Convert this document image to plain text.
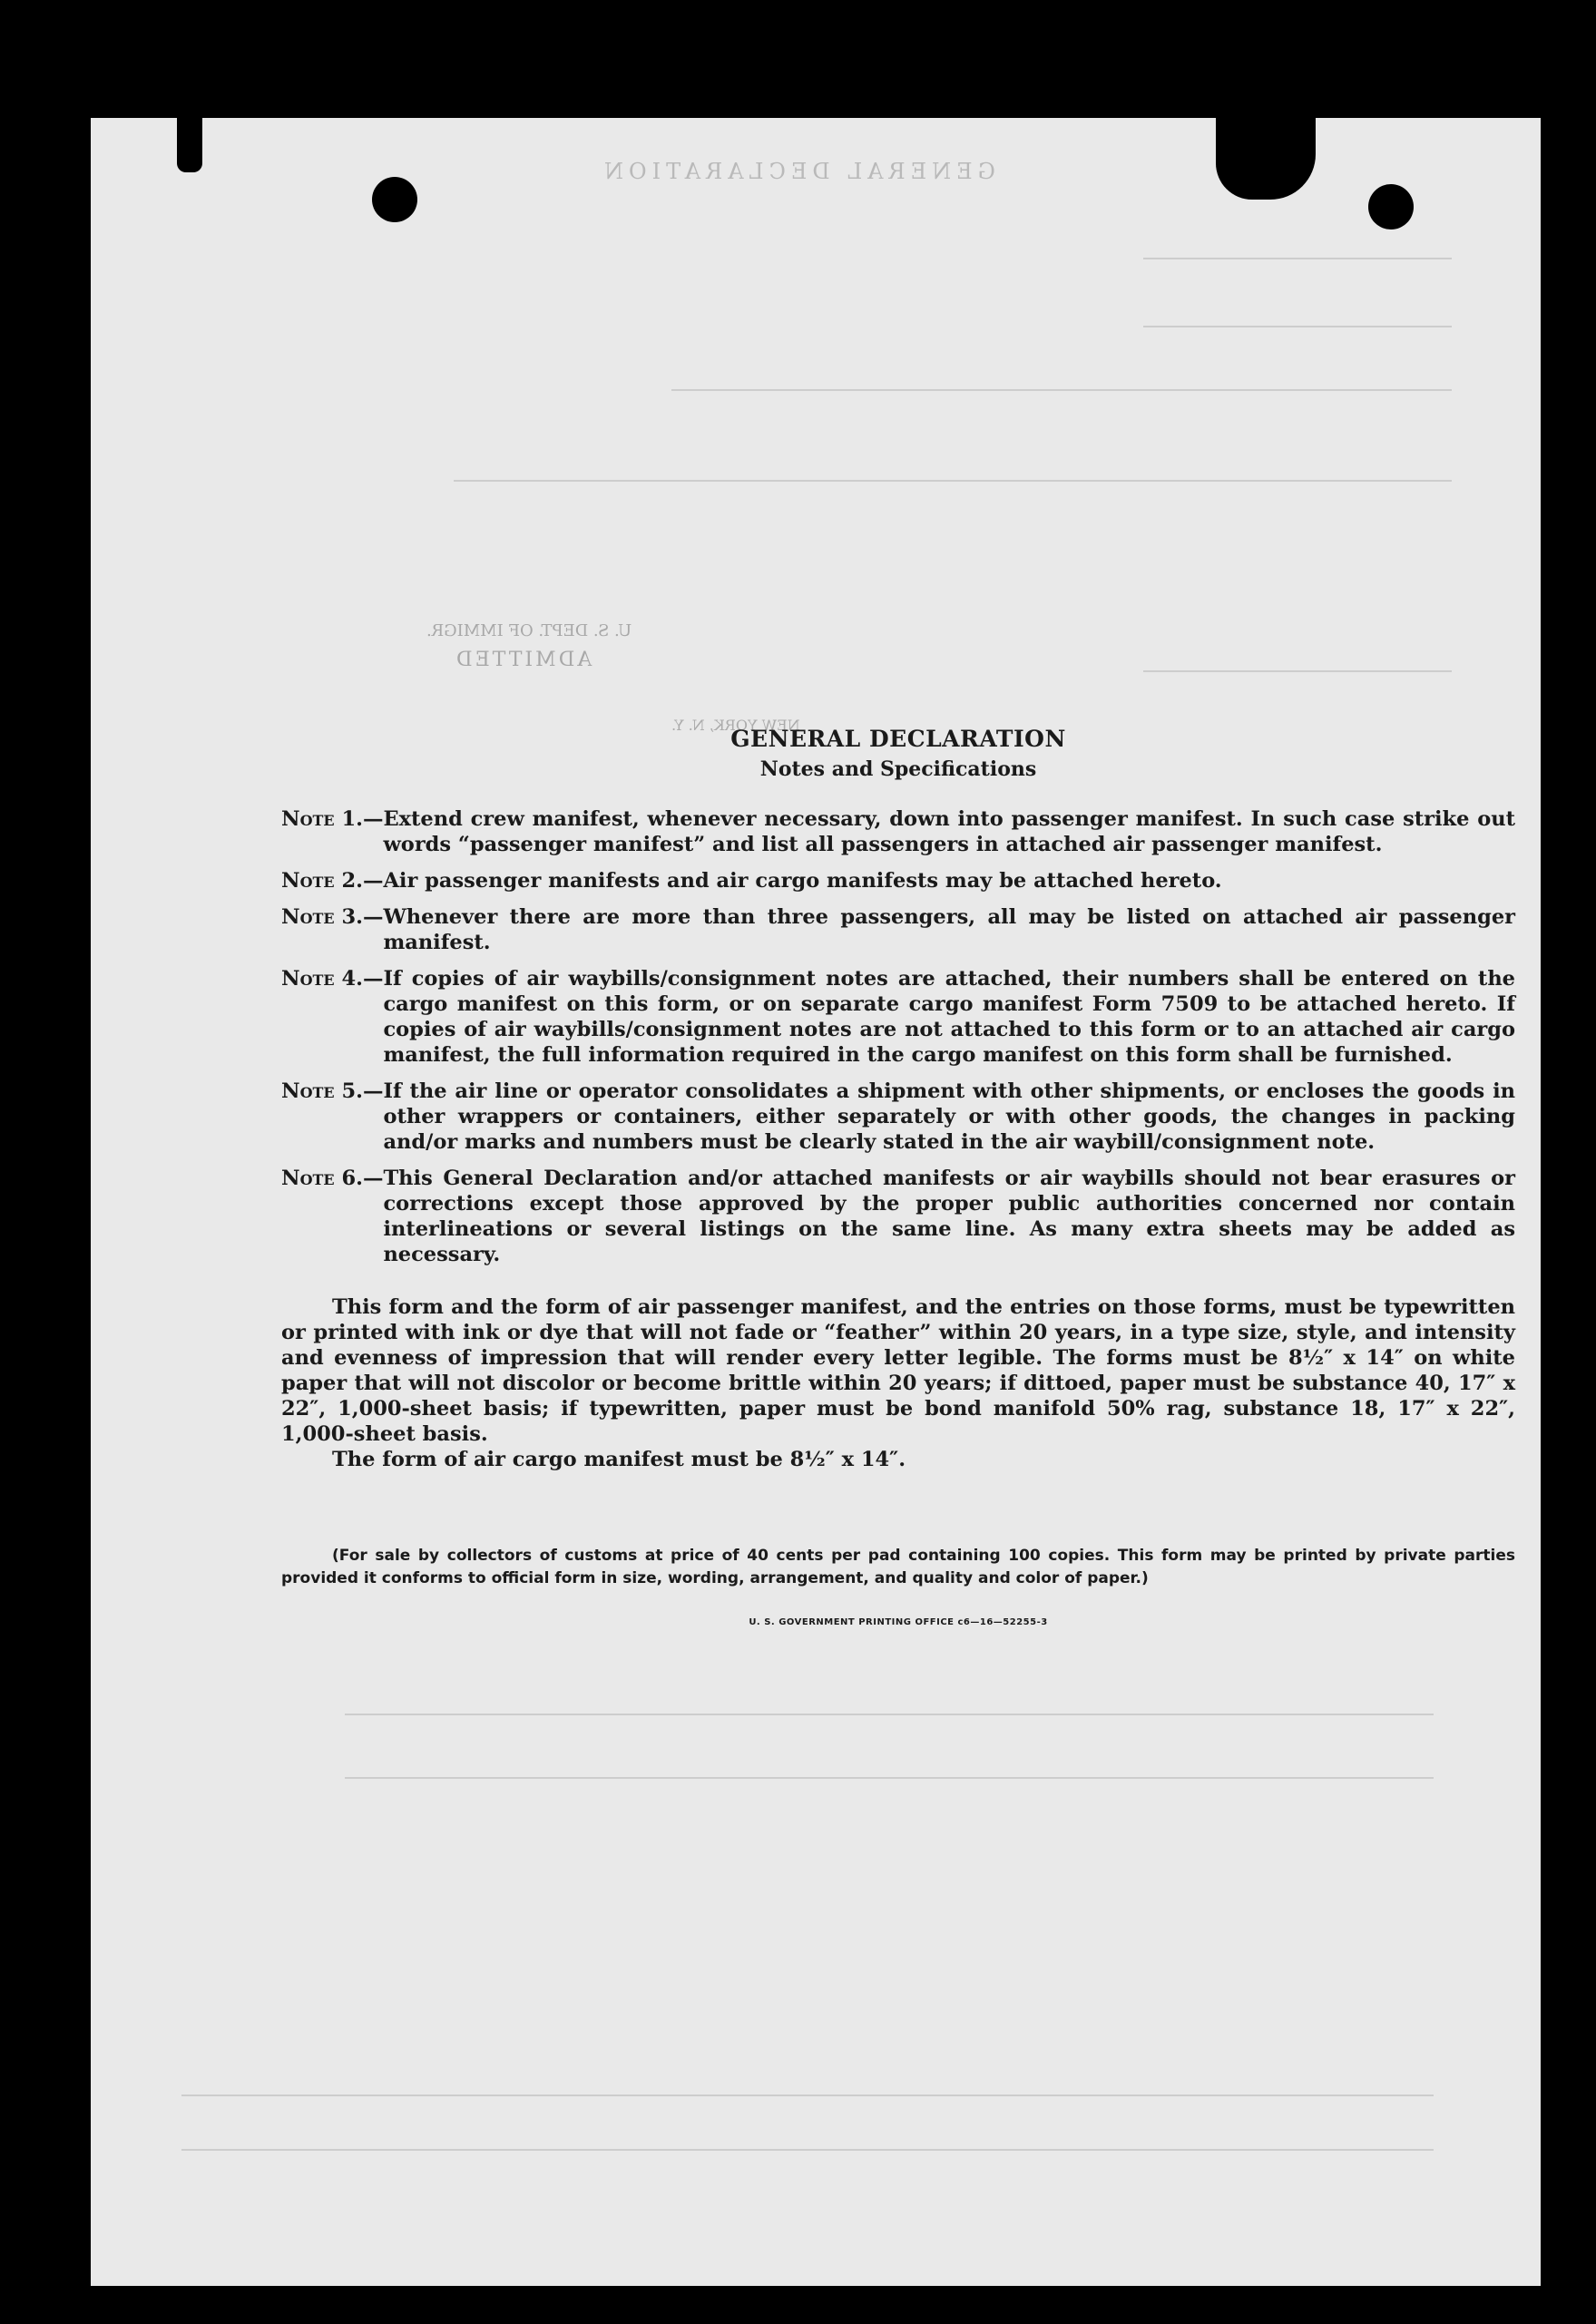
GENERAL DECLARATION
U. S. DEPT. OF IMMIGR.
ADMITTED
NEW YORK, N. Y.
GENERAL DECLARATION
Notes and Specifications
Note 1. — Extend crew manifest, whenever necessary, down into passenger manifest. In such case strike out words “passenger manifest” and list all passengers in attached air passenger manifest.
Note 2. — Air passenger manifests and air cargo manifests may be attached hereto.
Note 3. — Whenever there are more than three passengers, all may be listed on attached air passenger manifest.
Note 4. — If copies of air waybills/consignment notes are attached, their numbers shall be entered on the cargo manifest on this form, or on separate cargo manifest Form 7509 to be attached hereto. If copies of air waybills/consignment notes are not attached to this form or to an attached air cargo manifest, the full information required in the cargo manifest on this form shall be furnished.
Note 5. — If the air line or operator consolidates a shipment with other shipments, or encloses the goods in other wrappers or containers, either separately or with other goods, the changes in packing and/or marks and numbers must be clearly stated in the air waybill/consignment note.
Note 6. — This General Declaration and/or attached manifests or air waybills should not bear erasures or corrections except those approved by the proper public authorities concerned nor contain interlineations or several listings on the same line. As many extra sheets may be added as necessary.
This form and the form of air passenger manifest, and the entries on those forms, must be typewritten or printed with ink or dye that will not fade or “feather” within 20 years, in a type size, style, and intensity and evenness of impression that will render every letter legible. The forms must be 8½″ x 14″ on white paper that will not discolor or become brittle within 20 years; if dittoed, paper must be substance 40, 17″ x 22″, 1,000-sheet basis; if typewritten, paper must be bond manifold 50% rag, substance 18, 17″ x 22″, 1,000-sheet basis.
The form of air cargo manifest must be 8½″ x 14″.
(For sale by collectors of customs at price of 40 cents per pad containing 100 copies. This form may be printed by private parties provided it conforms to official form in size, wording, arrangement, and quality and color of paper.)
U. S. GOVERNMENT PRINTING OFFICE c6—16—52255-3
